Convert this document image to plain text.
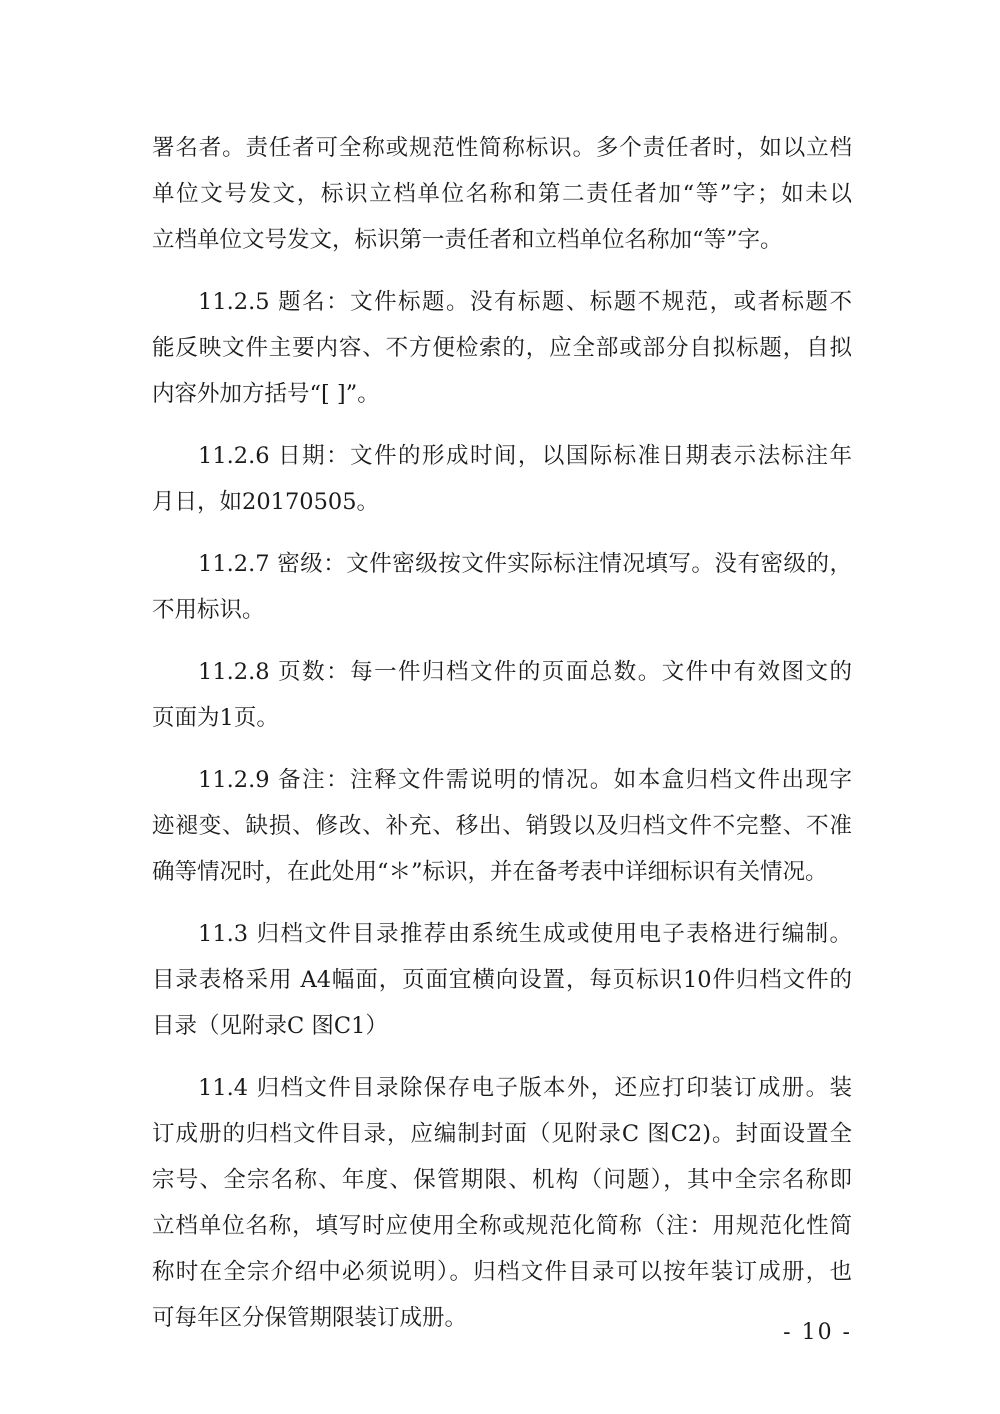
署名者。责任者可全称或规范性简称标识。多个责任者时，如以立档
单位文号发文，标识立档单位名称和第二责任者加“等”字；如未以
立档单位文号发文，标识第一责任者和立档单位名称加“等”字。
11.2.5 题名：文件标题。没有标题、标题不规范，或者标题不
能反映文件主要内容、不方便检索的，应全部或部分自拟标题，自拟
内容外加方括号“[ ]”。
11.2.6 日期：文件的形成时间，以国际标准日期表示法标注年
月日，如20170505。
11.2.7 密级：文件密级按文件实际标注情况填写。没有密级的，
不用标识。
11.2.8 页数：每一件归档文件的页面总数。文件中有效图文的
页面为1页。
11.2.9 备注：注释文件需说明的情况。如本盒归档文件出现字
迹褪变、缺损、修改、补充、移出、销毁以及归档文件不完整、不准
确等情况时，在此处用“＊”标识，并在备考表中详细标识有关情况。
11.3 归档文件目录推荐由系统生成或使用电子表格进行编制。
目录表格采用 A4幅面，页面宜横向设置，每页标识10件归档文件的
目录（见附录C 图C1）
11.4 归档文件目录除保存电子版本外，还应打印装订成册。装
订成册的归档文件目录，应编制封面（见附录C 图C2)。封面设置全
宗号、全宗名称、年度、保管期限、机构（问题），其中全宗名称即
立档单位名称，填写时应使用全称或规范化简称（注：用规范化性简
称时在全宗介绍中必须说明）。归档文件目录可以按年装订成册，也
可每年区分保管期限装订成册。
- 10 -
